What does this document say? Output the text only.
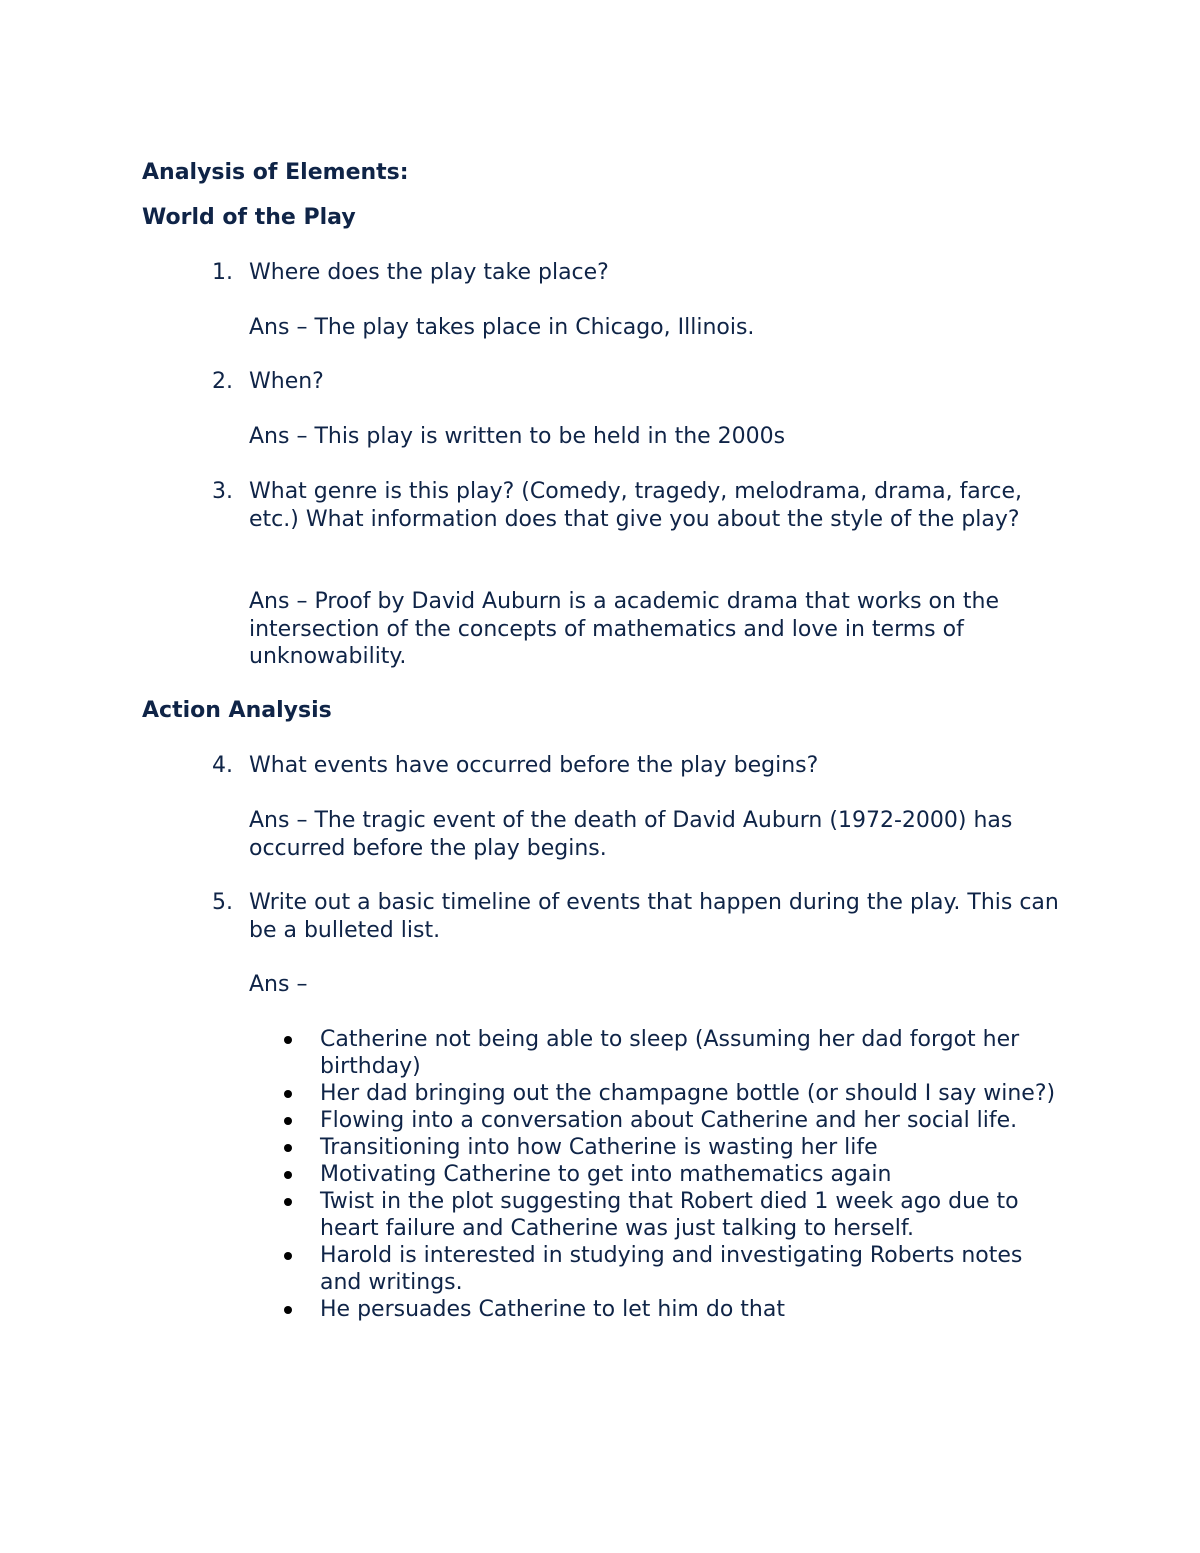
Analysis of Elements:
World of the Play
1. Where does the play take place?
Ans – The play takes place in Chicago, Illinois.
2. When?
Ans – This play is written to be held in the 2000s
3. What genre is this play? (Comedy, tragedy, melodrama, drama, farce, etc.) What information does that give you about the style of the play?
Ans – Proof by David Auburn is a academic drama that works on the intersection of the concepts of mathematics and love in terms of unknowability.
Action Analysis
4. What events have occurred before the play begins?
Ans – The tragic event of the death of David Auburn (1972-2000) has occurred before the play begins.
5. Write out a basic timeline of events that happen during the play. This can be a bulleted list.
Ans –
Catherine not being able to sleep (Assuming her dad forgot her birthday)
Her dad bringing out the champagne bottle (or should I say wine?)
Flowing into a conversation about Catherine and her social life.
Transitioning into how Catherine is wasting her life
Motivating Catherine to get into mathematics again
Twist in the plot suggesting that Robert died 1 week ago due to heart failure and Catherine was just talking to herself.
Harold is interested in studying and investigating Roberts notes and writings.
He persuades Catherine to let him do that
